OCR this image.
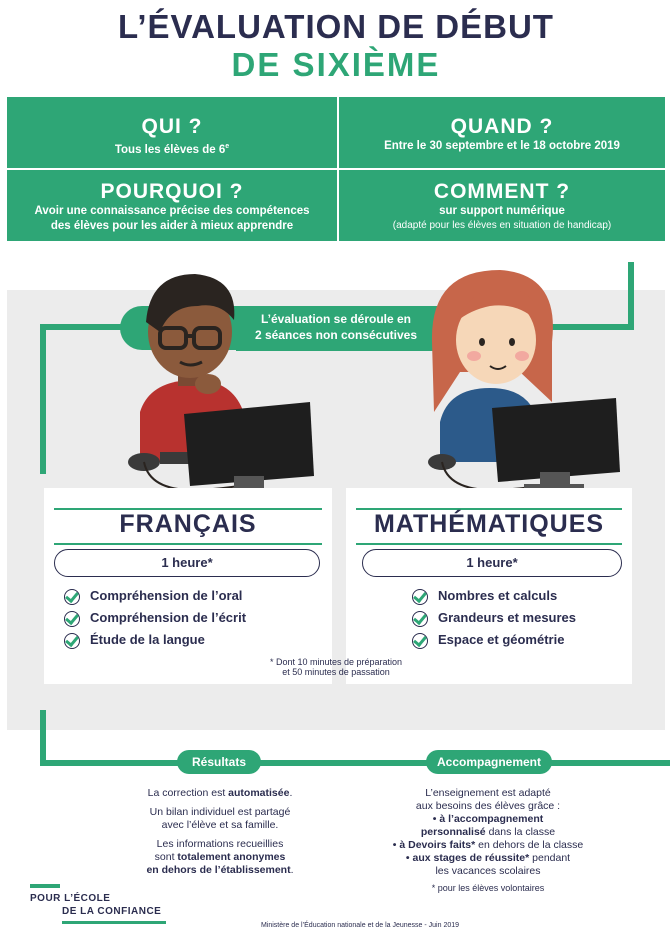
L’ÉVALUATION DE DÉBUT
DE SIXIÈME
QUI ?
Tous les élèves de 6e
QUAND ?
Entre le 30 septembre et le 18 octobre 2019
POURQUOI ?
Avoir une connaissance précise des compétences
des élèves pour les aider à mieux apprendre
COMMENT ?
sur support numérique
(adapté pour les élèves en situation de handicap)
L’évaluation se déroule en
2 séances non consécutives
FRANÇAIS
1 heure*
Compréhension de l’oral
Compréhension de l’écrit
Étude de la langue
MATHÉMATIQUES
1 heure*
Nombres et calculs
Grandeurs et mesures
Espace et géométrie
* Dont 10 minutes de préparation
et 50 minutes de passation
Résultats
La correction est automatisée.
Un bilan individuel est partagé
avec l’élève et sa famille.
Les informations recueillies
sont totalement anonymes
en dehors de l’établissement.
Accompagnement
L’enseignement est adapté
aux besoins des élèves grâce :
• à l’accompagnement
personnalisé dans la classe
• à Devoirs faits* en dehors de la classe
• aux stages de réussite* pendant
les vacances scolaires
* pour les élèves volontaires
POUR L’ÉCOLE
DE LA CONFIANCE
Ministère de l’Éducation nationale et de la Jeunesse - Juin 2019
